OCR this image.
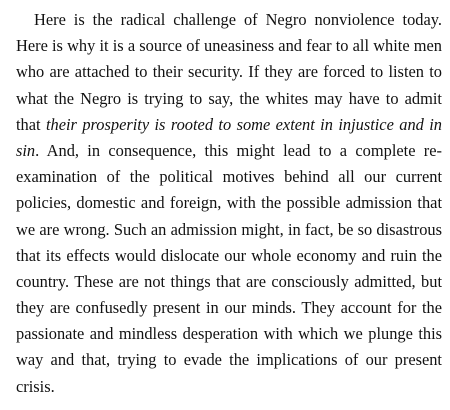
Here is the radical challenge of Negro nonviolence today.
Here is why it is a source of uneasiness and fear to all white men
who are attached to their security. If they are forced to listen to
what the Negro is trying to say, the whites may have to admit
that their prosperity is rooted to some extent in injustice and in
sin. And, in consequence, this might lead to a complete re-
examination of the political motives behind all our current
policies, domestic and foreign, with the possible admission that
we are wrong. Such an admission might, in fact, be so disastrous
that its effects would dislocate our whole economy and ruin the
country. These are not things that are consciously admitted, but
they are confusedly present in our minds. They account for the
passionate and mindless desperation with which we plunge this
way and that, trying to evade the implications of our present
crisis.
